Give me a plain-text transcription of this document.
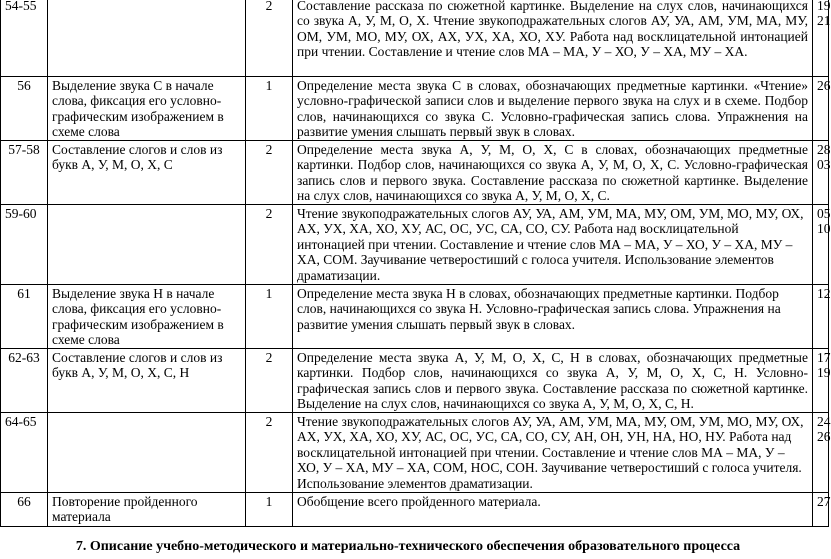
54-55		2	Составление рассказа по сюжетной картинке. Выделение на слух слов, начинающихся со звука А, У, М, О, Х. Чтение звукоподражательных слогов АУ, УА, АМ, УМ, МА, МУ, ОМ, УМ, МО, МУ, ОХ, АХ, УХ, ХА, ХО, ХУ. Работа над восклицательной интонацией при чтении. Составление и чтение слов МА – МА, У – ХО, У – ХА, МУ – ХА.	19
21
56	Выделение звука С в начале слова, фиксация его условно-графическим изображением в схеме слова	1	Определение места звука С в словах, обозначающих предметные картинки. «Чтение» условно-графической записи слов и выделение первого звука на слух и в схеме. Подбор слов, начинающихся со звука С. Условно-графическая запись слова. Упражнения на развитие умения слышать первый звук в словах.	26
57-58	Составление слогов и слов из букв А, У, М, О, Х, С	2	Определение места звука А, У, М, О, Х, С в словах, обозначающих предметные картинки. Подбор слов, начинающихся со звука А, У, М, О, Х, С. Условно-графическая запись слов и первого звука. Составление рассказа по сюжетной картинке. Выделение на слух слов, начинающихся со звука А, У, М, О, Х, С.	28
03
59-60		2	Чтение звукоподражательных слогов АУ, УА, АМ, УМ, МА, МУ, ОМ, УМ, МО, МУ, ОХ, АХ, УХ, ХА, ХО, ХУ, АС, ОС, УС, СА, СО, СУ. Работа над восклицательной интонацией при чтении. Составление и чтение слов МА – МА, У – ХО, У – ХА, МУ – ХА, СОМ. Заучивание четверостиший с голоса учителя. Использование элементов драматизации.	05
10
61	Выделение звука Н в начале слова, фиксация его условно-графическим изображением в схеме слова	1	Определение места звука Н в словах, обозначающих предметные картинки. Подбор слов, начинающихся со звука Н. Условно-графическая запись слова. Упражнения на развитие умения слышать первый звук в словах.	12
62-63	Составление слогов и слов из букв А, У, М, О, Х, С, Н	2	Определение места звука А, У, М, О, Х, С, Н в словах, обозначающих предметные картинки. Подбор слов, начинающихся со звука А, У, М, О, Х, С, Н. Условно-графическая запись слов и первого звука. Составление рассказа по сюжетной картинке. Выделение на слух слов, начинающихся со звука А, У, М, О, Х, С, Н.	17
19
64-65		2	Чтение звукоподражательных слогов АУ, УА, АМ, УМ, МА, МУ, ОМ, УМ, МО, МУ, ОХ, АХ, УХ, ХА, ХО, ХУ, АС, ОС, УС, СА, СО, СУ, АН, ОН, УН, НА, НО, НУ. Работа над восклицательной интонацией при чтении. Составление и чтение слов МА – МА, У – ХО, У – ХА, МУ – ХА, СОМ, НОС, СОН. Заучивание четверостиший с голоса учителя. Использование элементов драматизации.	24
26
66	Повторение пройденного материала	1	Обобщение всего пройденного материала.	27
7. Описание учебно-методического и материально-технического обеспечения образовательного процесса
